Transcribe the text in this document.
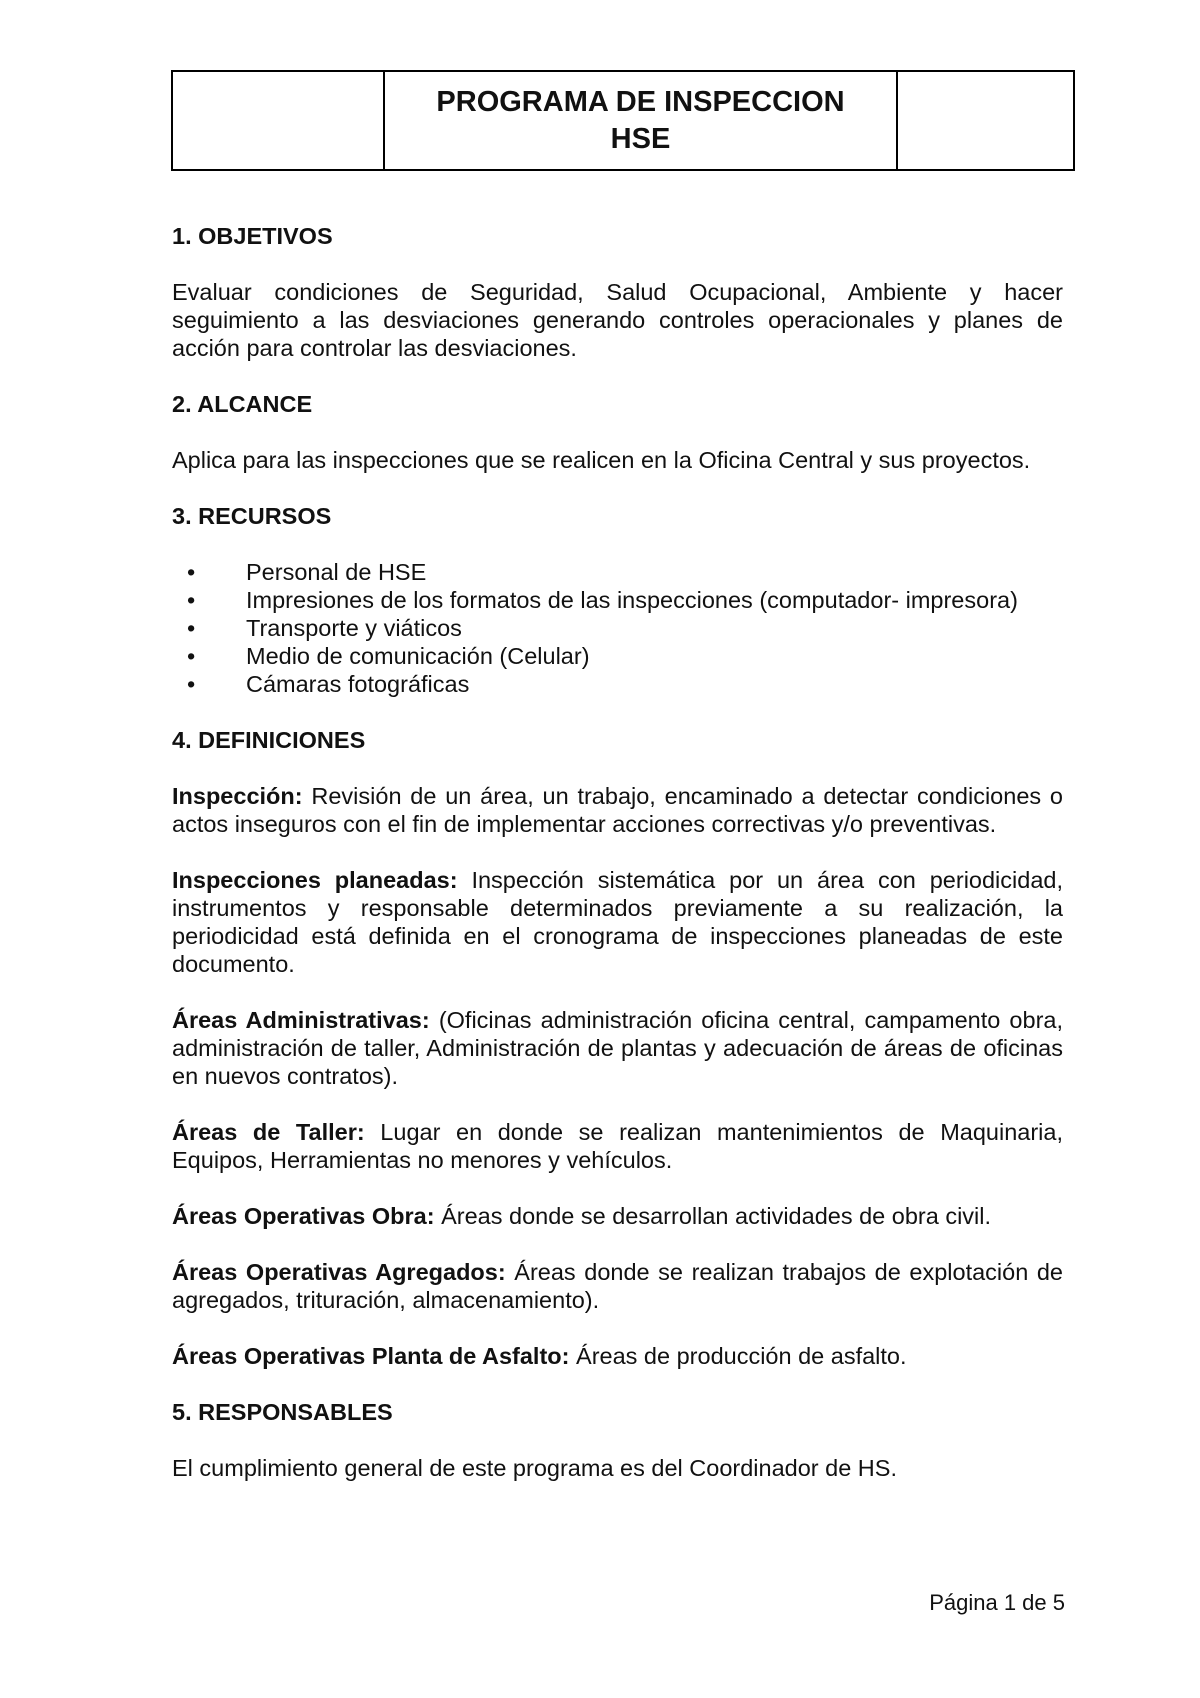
PROGRAMA DE INSPECCION
HSE

1. OBJETIVOS

Evaluar condiciones de Seguridad, Salud Ocupacional, Ambiente y hacer seguimiento a las desviaciones generando controles operacionales y planes de acción para controlar las desviaciones.

2. ALCANCE

Aplica para las inspecciones que se realicen en la Oficina Central y sus proyectos.

3. RECURSOS

• Personal de HSE
• Impresiones de los formatos de las inspecciones (computador- impresora)
• Transporte y viáticos
• Medio de comunicación (Celular)
• Cámaras fotográficas

4. DEFINICIONES

Inspección: Revisión de un área, un trabajo, encaminado a detectar condiciones o actos inseguros con el fin de implementar acciones correctivas y/o preventivas.

Inspecciones planeadas: Inspección sistemática por un área con periodicidad, instrumentos y responsable determinados previamente a su realización, la periodicidad está definida en el cronograma de inspecciones planeadas de este documento.

Áreas Administrativas: (Oficinas administración oficina central, campamento obra, administración de taller, Administración de plantas y adecuación de áreas de oficinas en nuevos contratos).

Áreas de Taller: Lugar en donde se realizan mantenimientos de Maquinaria, Equipos, Herramientas no menores y vehículos.

Áreas Operativas Obra: Áreas donde se desarrollan actividades de obra civil.

Áreas Operativas Agregados: Áreas donde se realizan trabajos de explotación de agregados, trituración, almacenamiento).

Áreas Operativas Planta de Asfalto: Áreas de producción de asfalto.

5. RESPONSABLES

El cumplimiento general de este programa es del Coordinador de HS.

Página 1 de 5
